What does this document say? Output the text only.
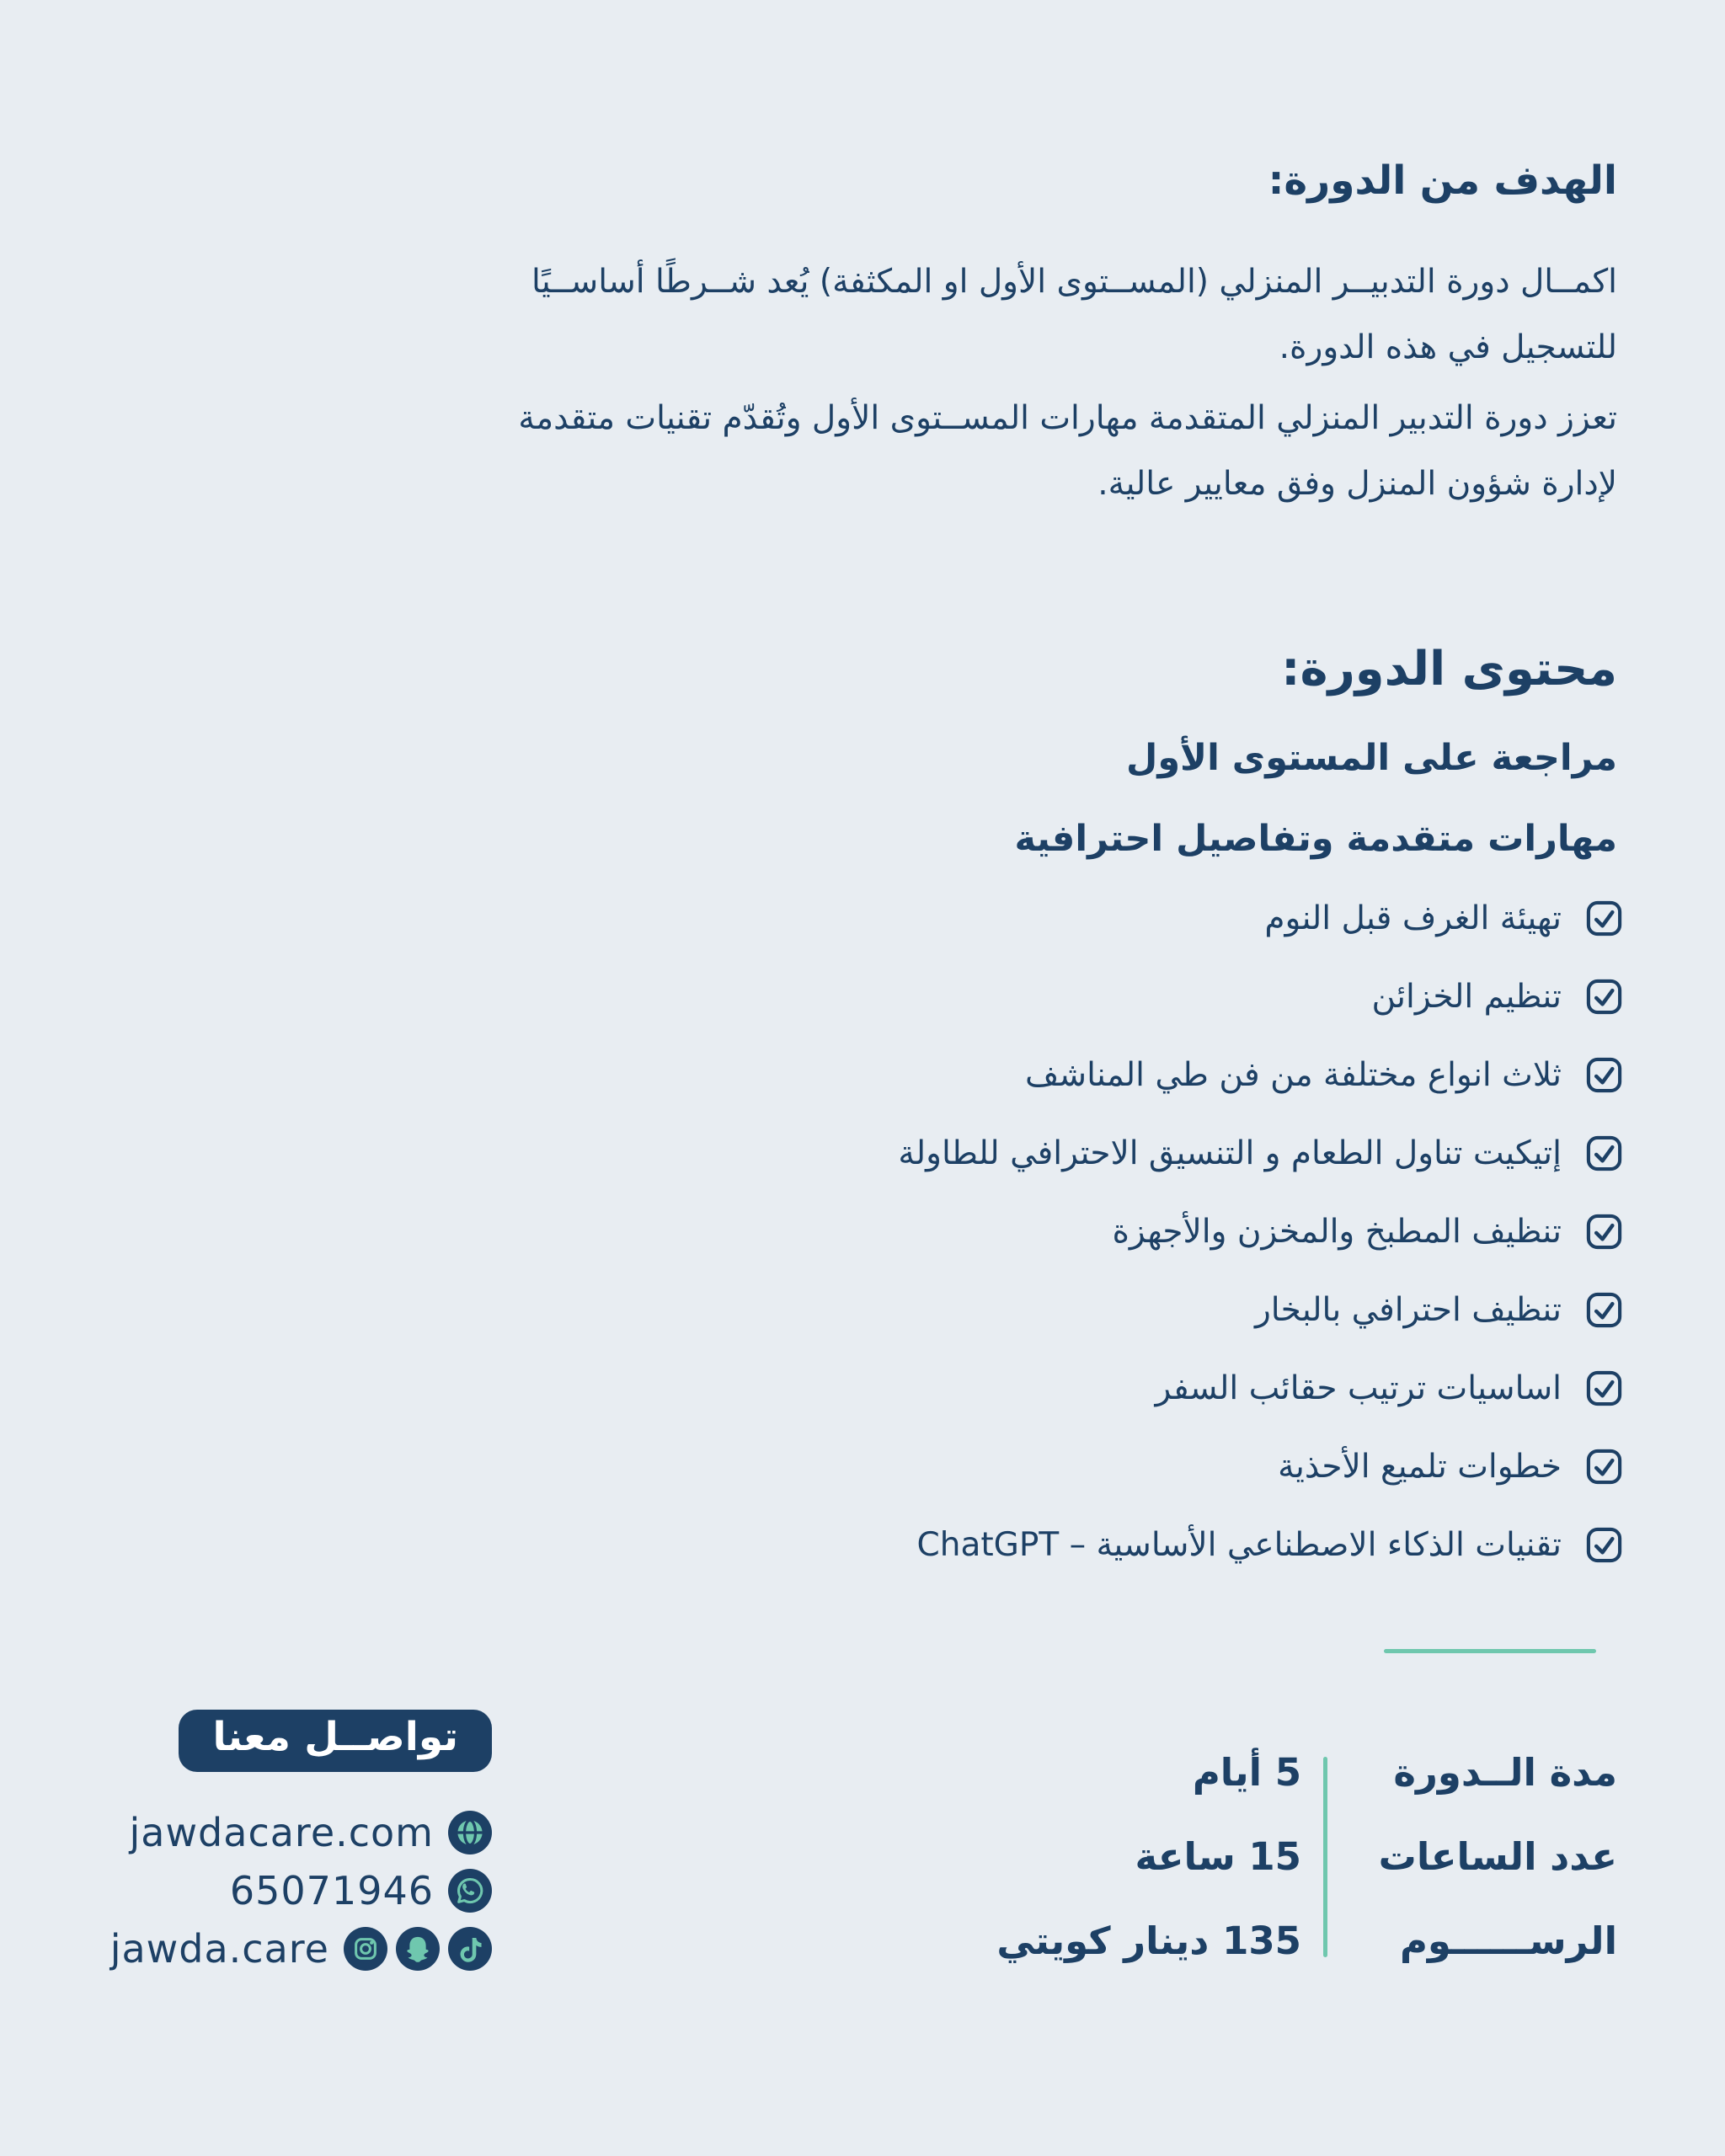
الهدف من الدورة:
اكمــال دورة التدبيــر المنزلي (المســتوى الأول او المكثفة) يُعد شــرطًا أساســيًا
للتسجيل في هذه الدورة.
تعزز دورة التدبير المنزلي المتقدمة مهارات المســتوى الأول وتُقدّم تقنيات متقدمة
لإدارة شؤون المنزل وفق معايير عالية.
محتوى الدورة:
مراجعة على المستوى الأول
مهارات متقدمة وتفاصيل احترافية
تهيئة الغرف قبل النوم
تنظيم الخزائن
ثلاث انواع مختلفة من فن طي المناشف
إتيكيت تناول الطعام و التنسيق الاحترافي للطاولة
تنظيف المطبخ والمخزن والأجهزة
تنظيف احترافي بالبخار
اساسيات ترتيب حقائب السفر
خطوات تلميع الأحذية
تقنيات الذكاء الاصطناعي الأساسية – ChatGPT
مدة الــدورة
عدد الساعات
الرســــــوم
5 أيام
15 ساعة
135 دينار كويتي
تواصــل معنا
jawdacare.com
65071946
jawda.care
